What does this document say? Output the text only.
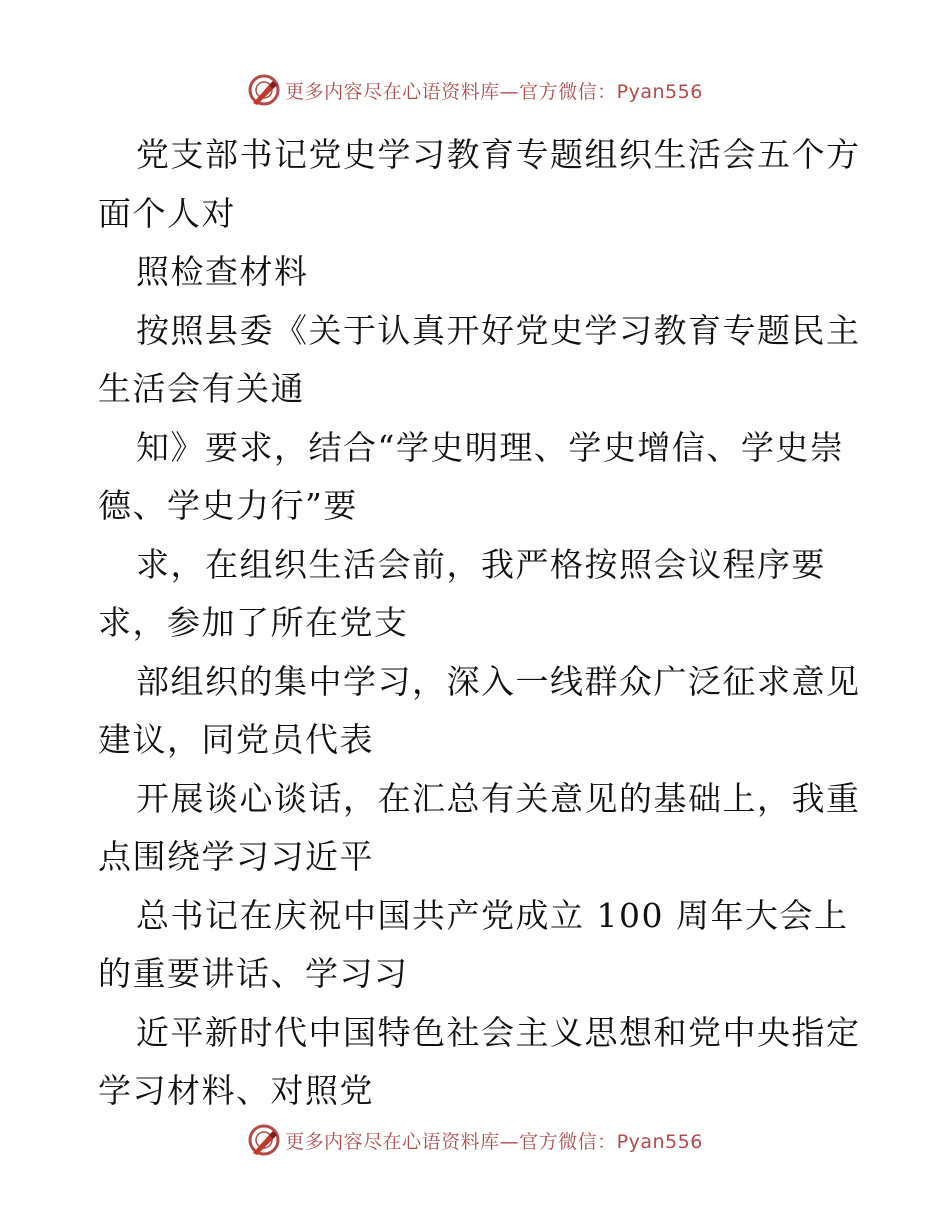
更多内容尽在心语资料库—官方微信：Pyan556
党支部书记党史学习教育专题组织生活会五个方
面个人对
照检查材料
按照县委《关于认真开好党史学习教育专题民主
生活会有关通
知》要求，结合“学史明理、学史增信、学史崇
德、学史力行”要
求，在组织生活会前，我严格按照会议程序要
求，参加了所在党支
部组织的集中学习，深入一线群众广泛征求意见
建议，同党员代表
开展谈心谈话，在汇总有关意见的基础上，我重
点围绕学习习近平
总书记在庆祝中国共产党成立 100 周年大会上
的重要讲话、学习习
近平新时代中国特色社会主义思想和党中央指定
学习材料、对照党
更多内容尽在心语资料库—官方微信：Pyan556
